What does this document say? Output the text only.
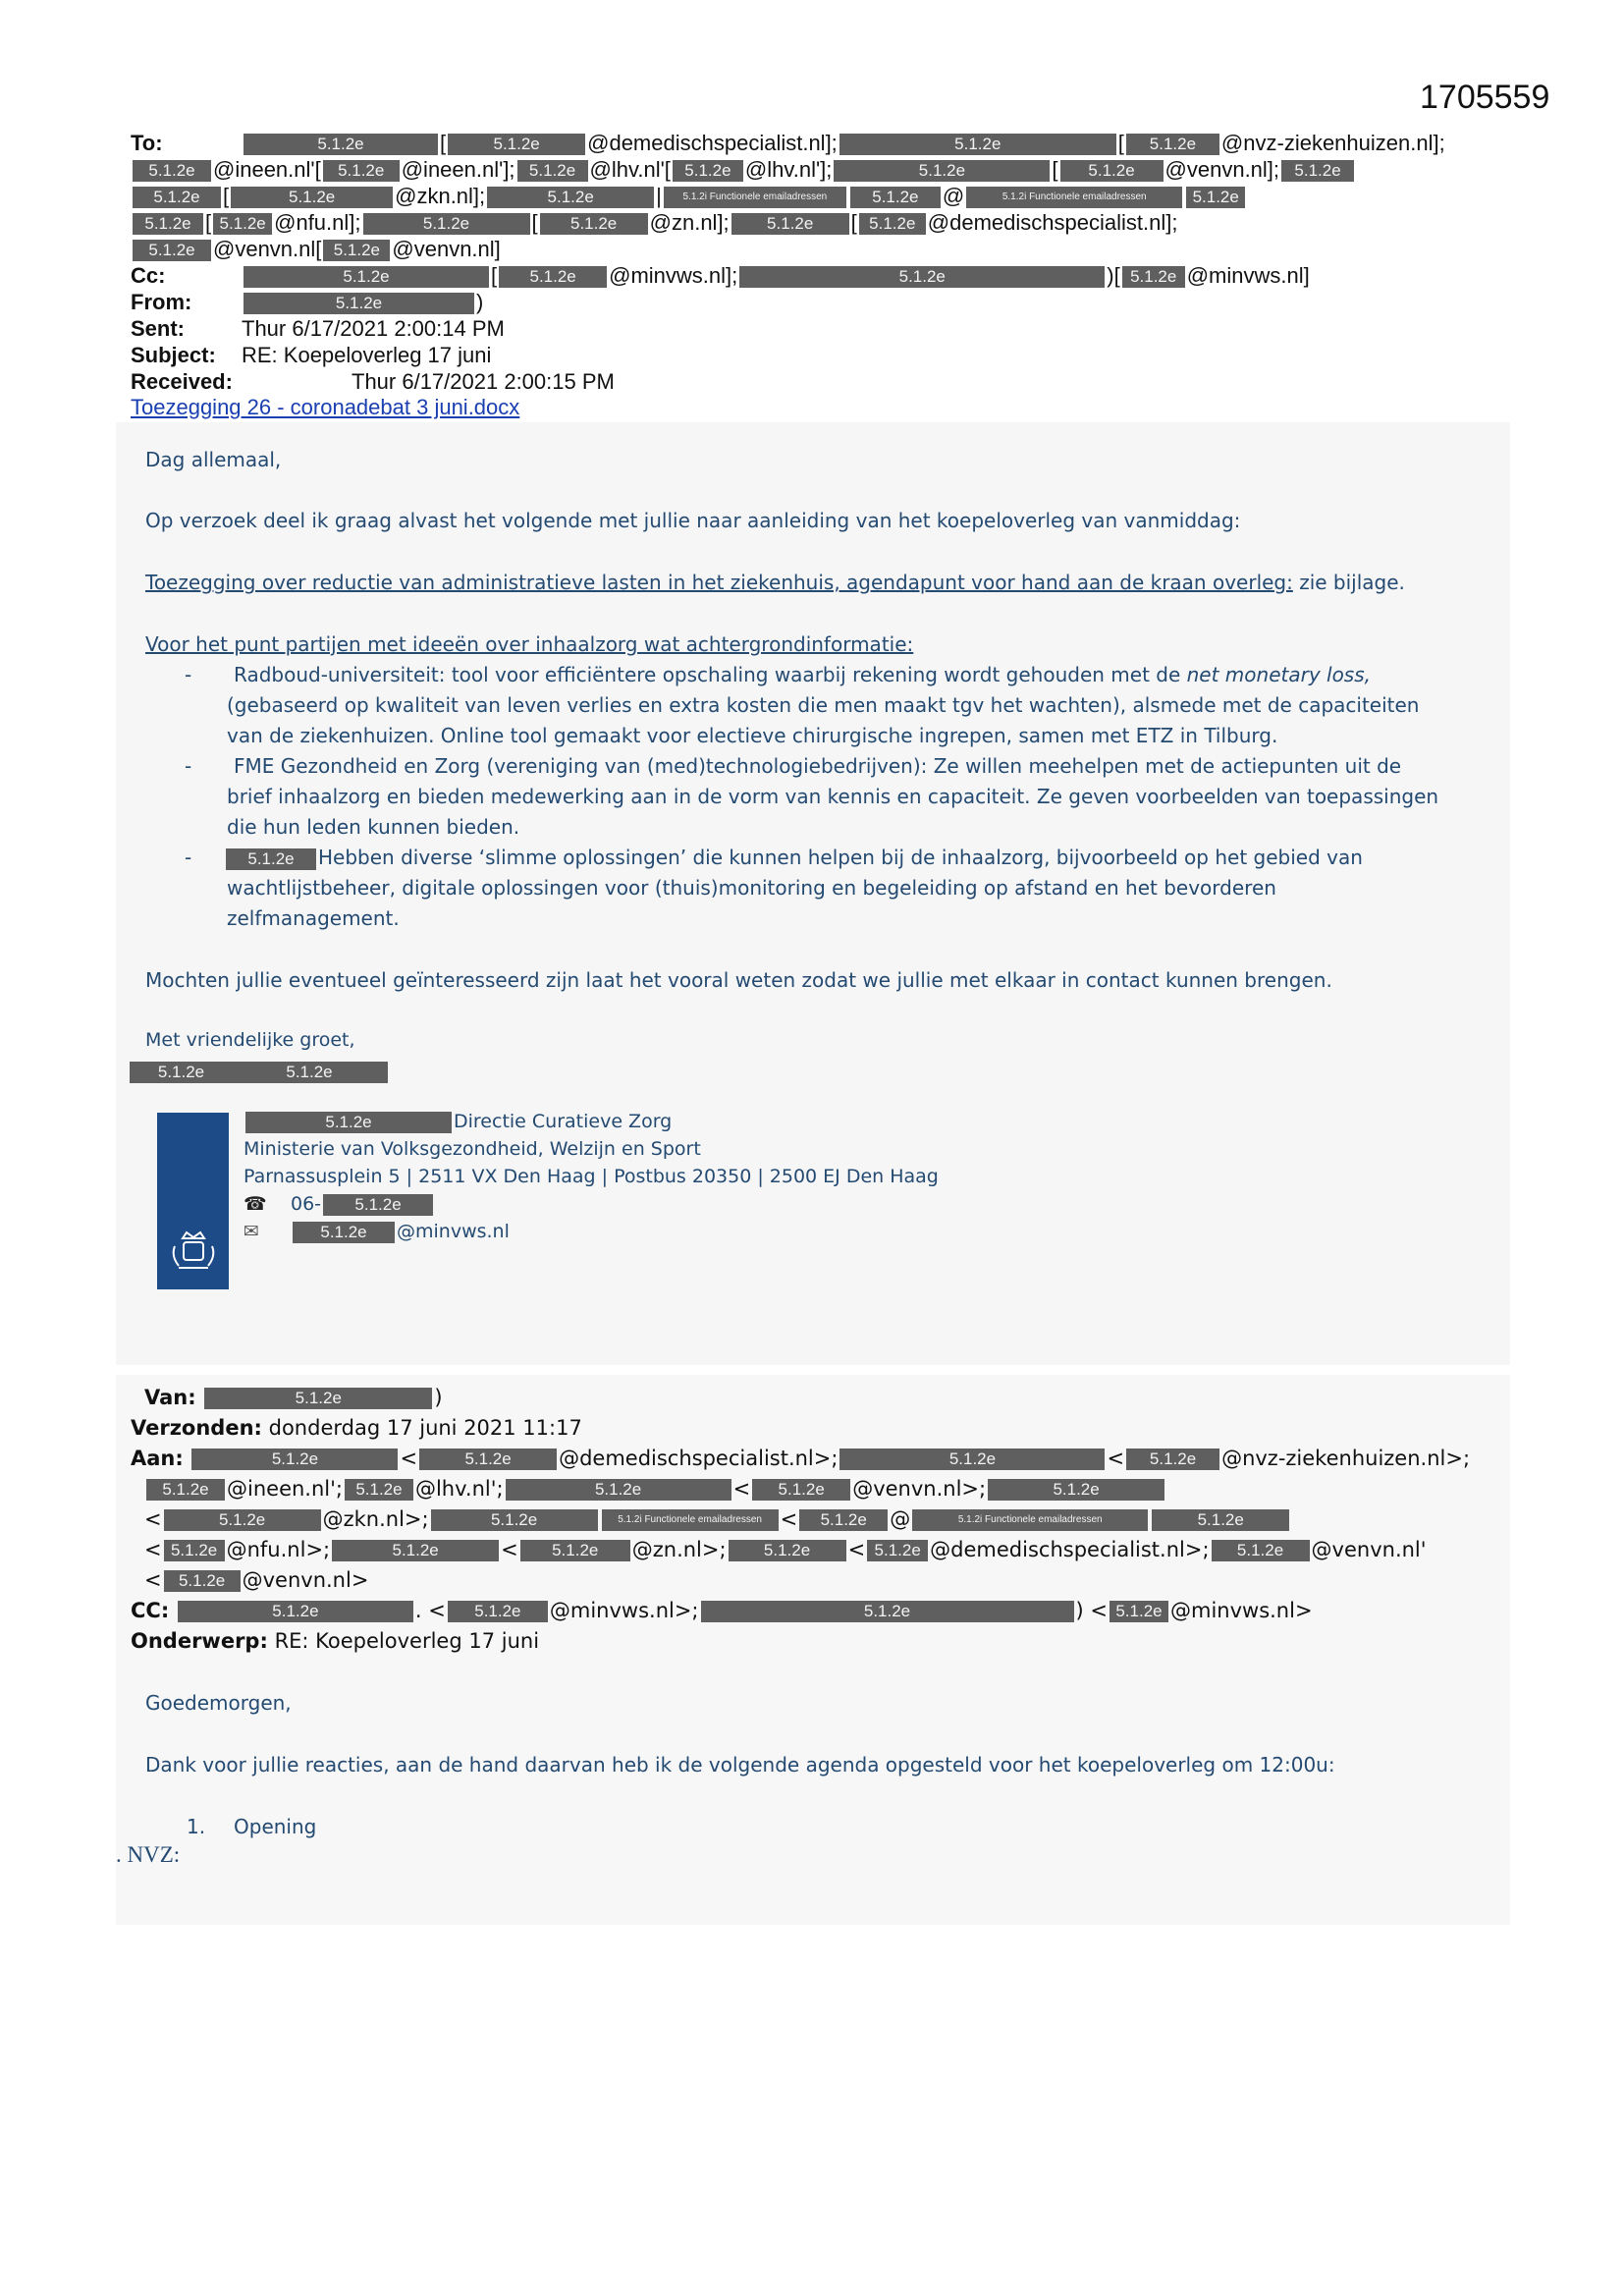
1705559
To:	5.1.2e	[	5.1.2e @demedischspecialist.nl];	5.1.2e	[ 5.1.2e @nvz-ziekenhuizen.nl];
5.1.2e @ineen.nl'[ 5.1.2e @ineen.nl']; 5.1.2e @lhv.nl'[ 5.1.2e @lhv.nl'];	5.1.2e	[ 5.1.2e @venvn.nl]; 5.1.2e
5.1.2e [	5.1.2e	@zkn.nl];	5.1.2e	| 5.1.2i Functionele emailadressen	5.1.2e @	5.1.2i Functionele emailadressen	5.1.2e
5.1.2e [ 5.1.2e @nfu.nl];	5.1.2e	[ 5.1.2e @zn.nl]; 5.1.2e [ 5.1.2e @demedischspecialist.nl];
5.1.2e @venvn.nl[ 5.1.2e @venvn.nl]
Cc:	5.1.2e	[ 5.1.2e @minvws.nl];	5.1.2e	)[ 5.1.2e @minvws.nl]
From:	5.1.2e	)
Sent:	Thur 6/17/2021 2:00:14 PM
Subject: RE: Koepeloverleg 17 juni
Received:	Thur 6/17/2021 2:00:15 PM
Toezegging 26 - coronadebat 3 juni.docx
Dag allemaal,
Op verzoek deel ik graag alvast het volgende met jullie naar aanleiding van het koepeloverleg van vanmiddag:
Toezegging over reductie van administratieve lasten in het ziekenhuis, agendapunt voor hand aan de kraan overleg: zie bijlage.
Voor het punt partijen met ideeën over inhaalzorg wat achtergrondinformatie:
- Radboud-universiteit: tool voor efficiëntere opschaling waarbij rekening wordt gehouden met de net monetary loss,
(gebaseerd op kwaliteit van leven verlies en extra kosten die men maakt tgv het wachten), alsmede met de capaciteiten
van de ziekenhuizen. Online tool gemaakt voor electieve chirurgische ingrepen, samen met ETZ in Tilburg.
- FME Gezondheid en Zorg (vereniging van (med)technologiebedrijven): Ze willen meehelpen met de actiepunten uit de
brief inhaalzorg en bieden medewerking aan in de vorm van kennis en capaciteit. Ze geven voorbeelden van toepassingen
die hun leden kunnen bieden.
-	5.1.2e Hebben diverse ‘slimme oplossingen’ die kunnen helpen bij de inhaalzorg, bijvoorbeeld op het gebied van
wachtlijstbeheer, digitale oplossingen voor (thuis)monitoring en begeleiding op afstand en het bevorderen
zelfmanagement.
Mochten jullie eventueel geïnteresseerd zijn laat het vooral weten zodat we jullie met elkaar in contact kunnen brengen.
Met vriendelijke groet,
5.1.2e	5.1.2e
5.1.2e	Directie Curatieve Zorg
Ministerie van Volksgezondheid, Welzijn en Sport
Parnassusplein 5 | 2511 VX Den Haag | Postbus 20350 | 2500 EJ Den Haag
☎ 06- 5.1.2e
✉	5.1.2e @minvws.nl
Van:	5.1.2e	)
Verzonden: donderdag 17 juni 2021 11:17
Aan:	5.1.2e	<	5.1.2e @demedischspecialist.nl>;	5.1.2e	< 5.1.2e @nvz-ziekenhuizen.nl>;
5.1.2e @ineen.nl'; 5.1.2e @lhv.nl';	5.1.2e	< 5.1.2e @venvn.nl>;	5.1.2e
<	5.1.2e	@zkn.nl>;	5.1.2e	5.1.2i Functionele emailadressen < 5.1.2e @	5.1.2i Functionele emailadressen	5.1.2e
< 5.1.2e @nfu.nl>;	5.1.2e	< 5.1.2e @zn.nl>; 5.1.2e < 5.1.2e @demedischspecialist.nl>; 5.1.2e @venvn.nl'
< 5.1.2e @venvn.nl>
CC:	5.1.2e	. < 5.1.2e @minvws.nl>;	5.1.2e	) < 5.1.2e @minvws.nl>
Onderwerp: RE: Koepeloverleg 17 juni
Goedemorgen,
Dank voor jullie reacties, aan de hand daarvan heb ik de volgende agenda opgesteld voor het koepeloverleg om 12:00u:
1. Opening
. NVZ:
